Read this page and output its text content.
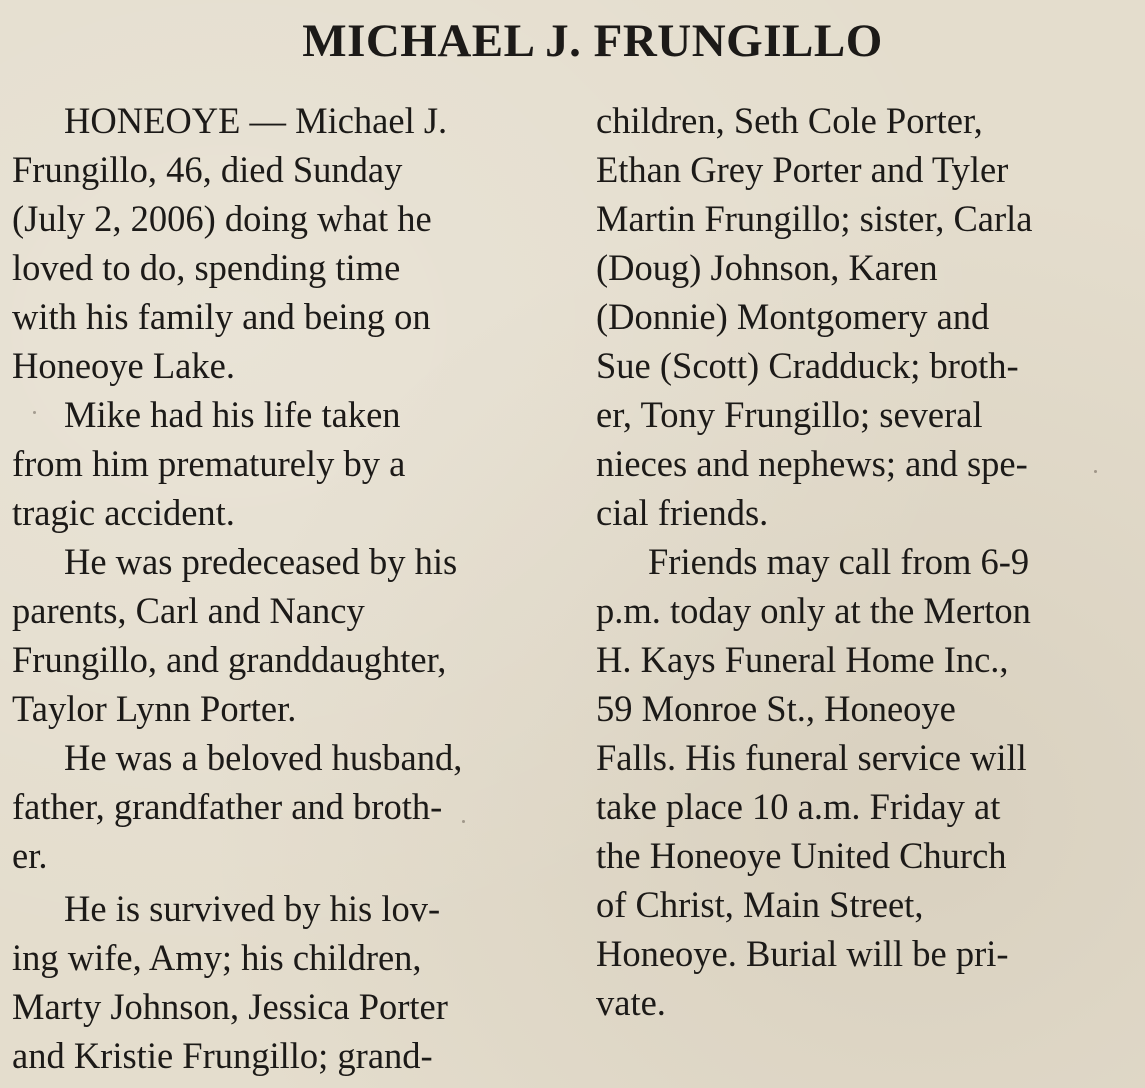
MICHAEL J. FRUNGILLO

HONEOYE — Michael J.
Frungillo, 46, died Sunday
(July 2, 2006) doing what he
loved to do, spending time
with his family and being on
Honeoye Lake.

Mike had his life taken
from him prematurely by a
tragic accident.

He was predeceased by his
parents, Carl and Nancy
Frungillo, and granddaughter,
Taylor Lynn Porter.

He was a beloved husband,
father, grandfather and broth-
er.

He is survived by his lov-
ing wife, Amy; his children,
Marty Johnson, Jessica Porter
and Kristie Frungillo; grand-

children, Seth Cole Porter,
Ethan Grey Porter and Tyler
Martin Frungillo; sister, Carla
(Doug) Johnson, Karen
(Donnie) Montgomery and
Sue (Scott) Cradduck; broth-
er, Tony Frungillo; several
nieces and nephews; and spe-
cial friends.

Friends may call from 6-9
p.m. today only at the Merton
H. Kays Funeral Home Inc.,
59 Monroe St., Honeoye
Falls. His funeral service will
take place 10 a.m. Friday at
the Honeoye United Church
of Christ, Main Street,
Honeoye. Burial will be pri-
vate.
